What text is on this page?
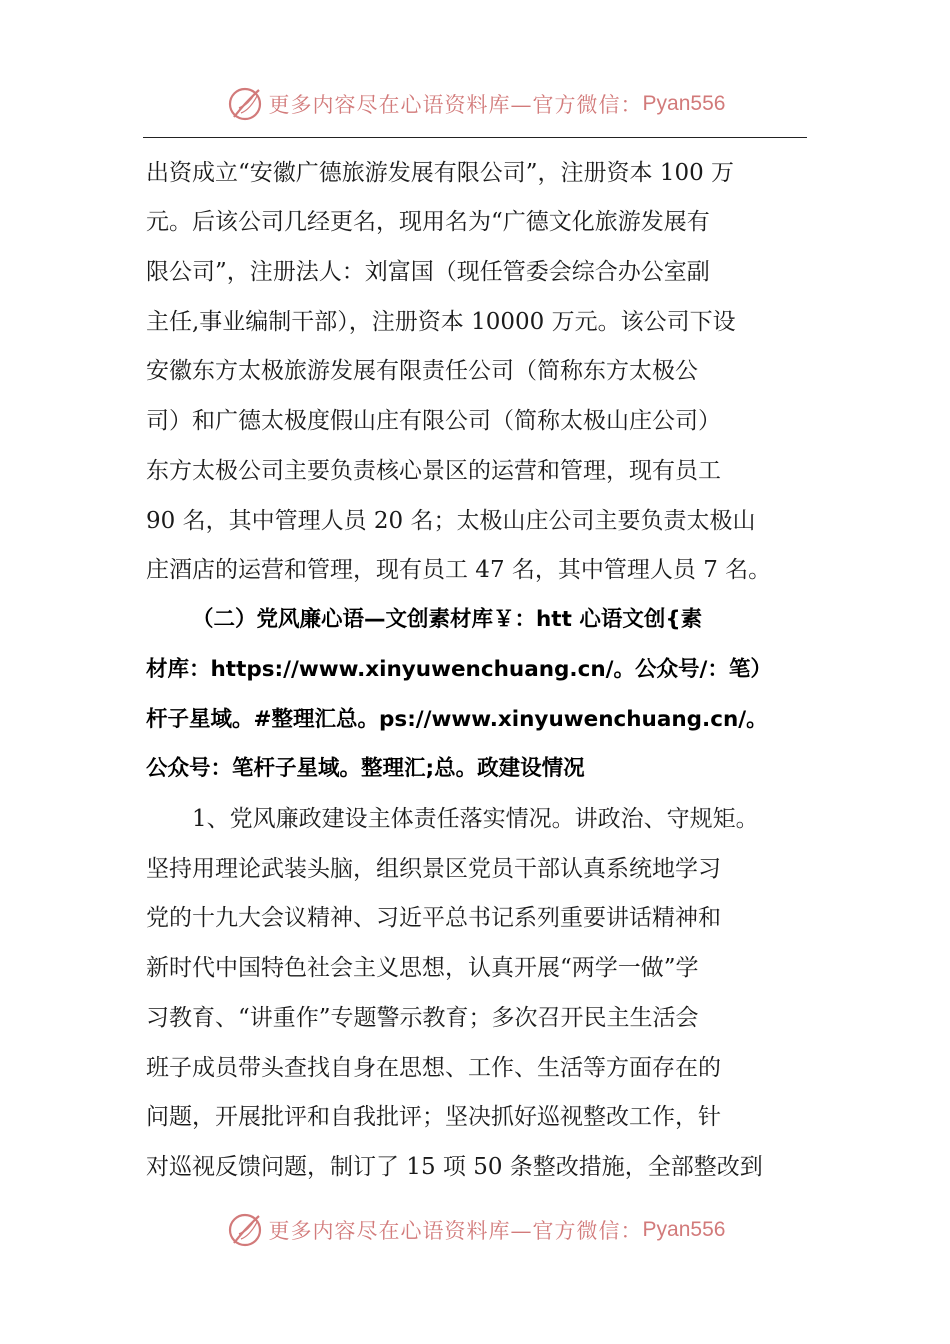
更多内容尽在心语资料库—官方微信： Pyan556
出资成立“安徽广德旅游发展有限公司”，注册资本 100 万
元。后该公司几经更名，现用名为“广德文化旅游发展有
限公司”，注册法人：刘富国（现任管委会综合办公室副
主任,事业编制干部），注册资本 10000 万元。该公司下设
安徽东方太极旅游发展有限责任公司（简称东方太极公
司）和广德太极度假山庄有限公司（简称太极山庄公司）
东方太极公司主要负责核心景区的运营和管理，现有员工
90 名，其中管理人员 20 名；太极山庄公司主要负责太极山
庄酒店的运营和管理，现有员工 47 名，其中管理人员 7 名。
（二）党风廉心语—文创素材库￥：htt 心语文创{素
材库：https://www.xinyuwenchuang.cn/。公众号/：笔）
杆子星域。#整理汇总。ps://www.xinyuwenchuang.cn/。
公众号：笔杆子星域。整理汇;总。政建设情况
1、党风廉政建设主体责任落实情况。讲政治、守规矩。
坚持用理论武装头脑，组织景区党员干部认真系统地学习
党的十九大会议精神、习近平总书记系列重要讲话精神和
新时代中国特色社会主义思想，认真开展“两学一做”学
习教育、“讲重作”专题警示教育；多次召开民主生活会
班子成员带头查找自身在思想、工作、生活等方面存在的
问题，开展批评和自我批评；坚决抓好巡视整改工作，针
对巡视反馈问题，制订了 15 项 50 条整改措施，全部整改到
更多内容尽在心语资料库—官方微信： Pyan556
